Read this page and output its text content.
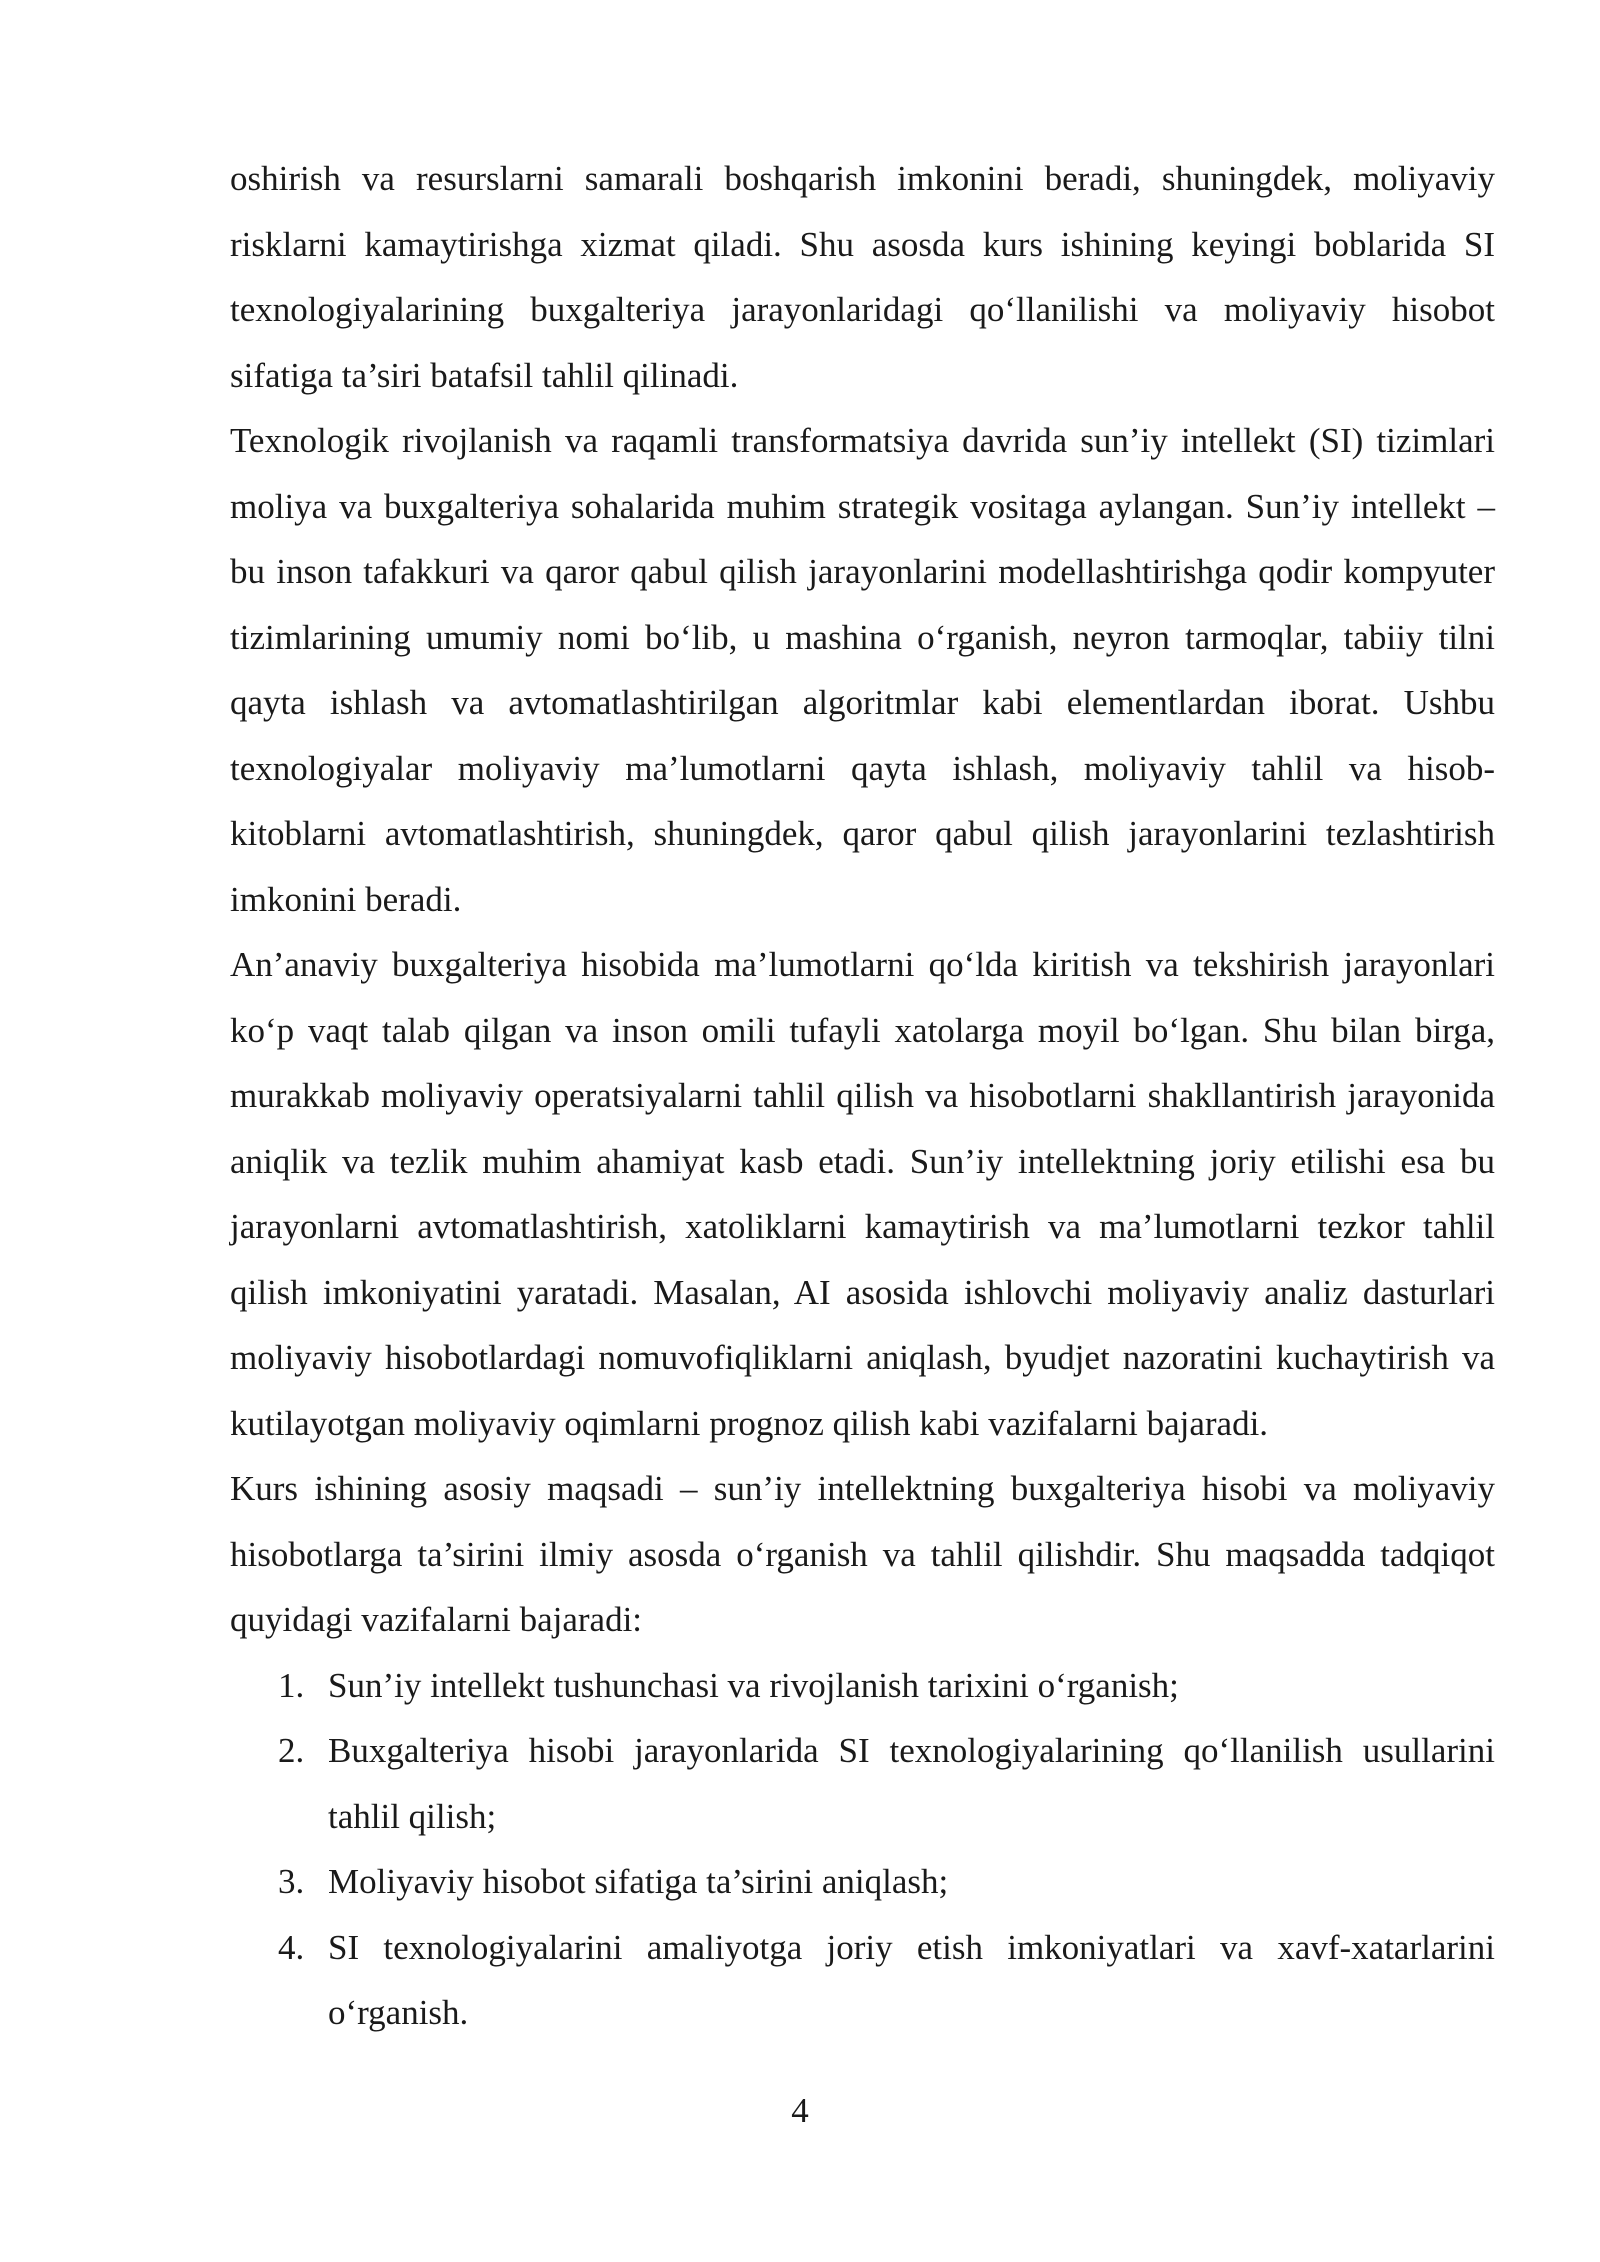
oshirish va resurslarni samarali boshqarish imkonini beradi, shuningdek, moliyaviy risklarni kamaytirishga xizmat qiladi. Shu asosda kurs ishining keyingi boblarida SI texnologiyalarining buxgalteriya jarayonlaridagi qo‘llanilishi va moliyaviy hisobot sifatiga ta’siri batafsil tahlil qilinadi.

Texnologik rivojlanish va raqamli transformatsiya davrida sun’iy intellekt (SI) tizimlari moliya va buxgalteriya sohalarida muhim strategik vositaga aylangan. Sun’iy intellekt – bu inson tafakkuri va qaror qabul qilish jarayonlarini modellashtirishga qodir kompyuter tizimlarining umumiy nomi bo‘lib, u mashina o‘rganish, neyron tarmoqlar, tabiiy tilni qayta ishlash va avtomatlashtirilgan algoritmlar kabi elementlardan iborat. Ushbu texnologiyalar moliyaviy ma’lumotlarni qayta ishlash, moliyaviy tahlil va hisob-kitoblarni avtomatlashtirish, shuningdek, qaror qabul qilish jarayonlarini tezlashtirish imkonini beradi.

An’anaviy buxgalteriya hisobida ma’lumotlarni qo‘lda kiritish va tekshirish jarayonlari ko‘p vaqt talab qilgan va inson omili tufayli xatolarga moyil bo‘lgan. Shu bilan birga, murakkab moliyaviy operatsiyalarni tahlil qilish va hisobotlarni shakllantirish jarayonida aniqlik va tezlik muhim ahamiyat kasb etadi. Sun’iy intellektning joriy etilishi esa bu jarayonlarni avtomatlashtirish, xatoliklarni kamaytirish va ma’lumotlarni tezkor tahlil qilish imkoniyatini yaratadi. Masalan, AI asosida ishlovchi moliyaviy analiz dasturlari moliyaviy hisobotlardagi nomuvofiqliklarni aniqlash, byudjet nazoratini kuchaytirish va kutilayotgan moliyaviy oqimlarni prognoz qilish kabi vazifalarni bajaradi.

Kurs ishining asosiy maqsadi – sun’iy intellektning buxgalteriya hisobi va moliyaviy hisobotlarga ta’sirini ilmiy asosda o‘rganish va tahlil qilishdir. Shu maqsadda tadqiqot quyidagi vazifalarni bajaradi:

1. Sun’iy intellekt tushunchasi va rivojlanish tarixini o‘rganish;
2. Buxgalteriya hisobi jarayonlarida SI texnologiyalarining qo‘llanilish usullarini tahlil qilish;
3. Moliyaviy hisobot sifatiga ta’sirini aniqlash;
4. SI texnologiyalarini amaliyotga joriy etish imkoniyatlari va xavf-xatarlarini o‘rganish.
4
